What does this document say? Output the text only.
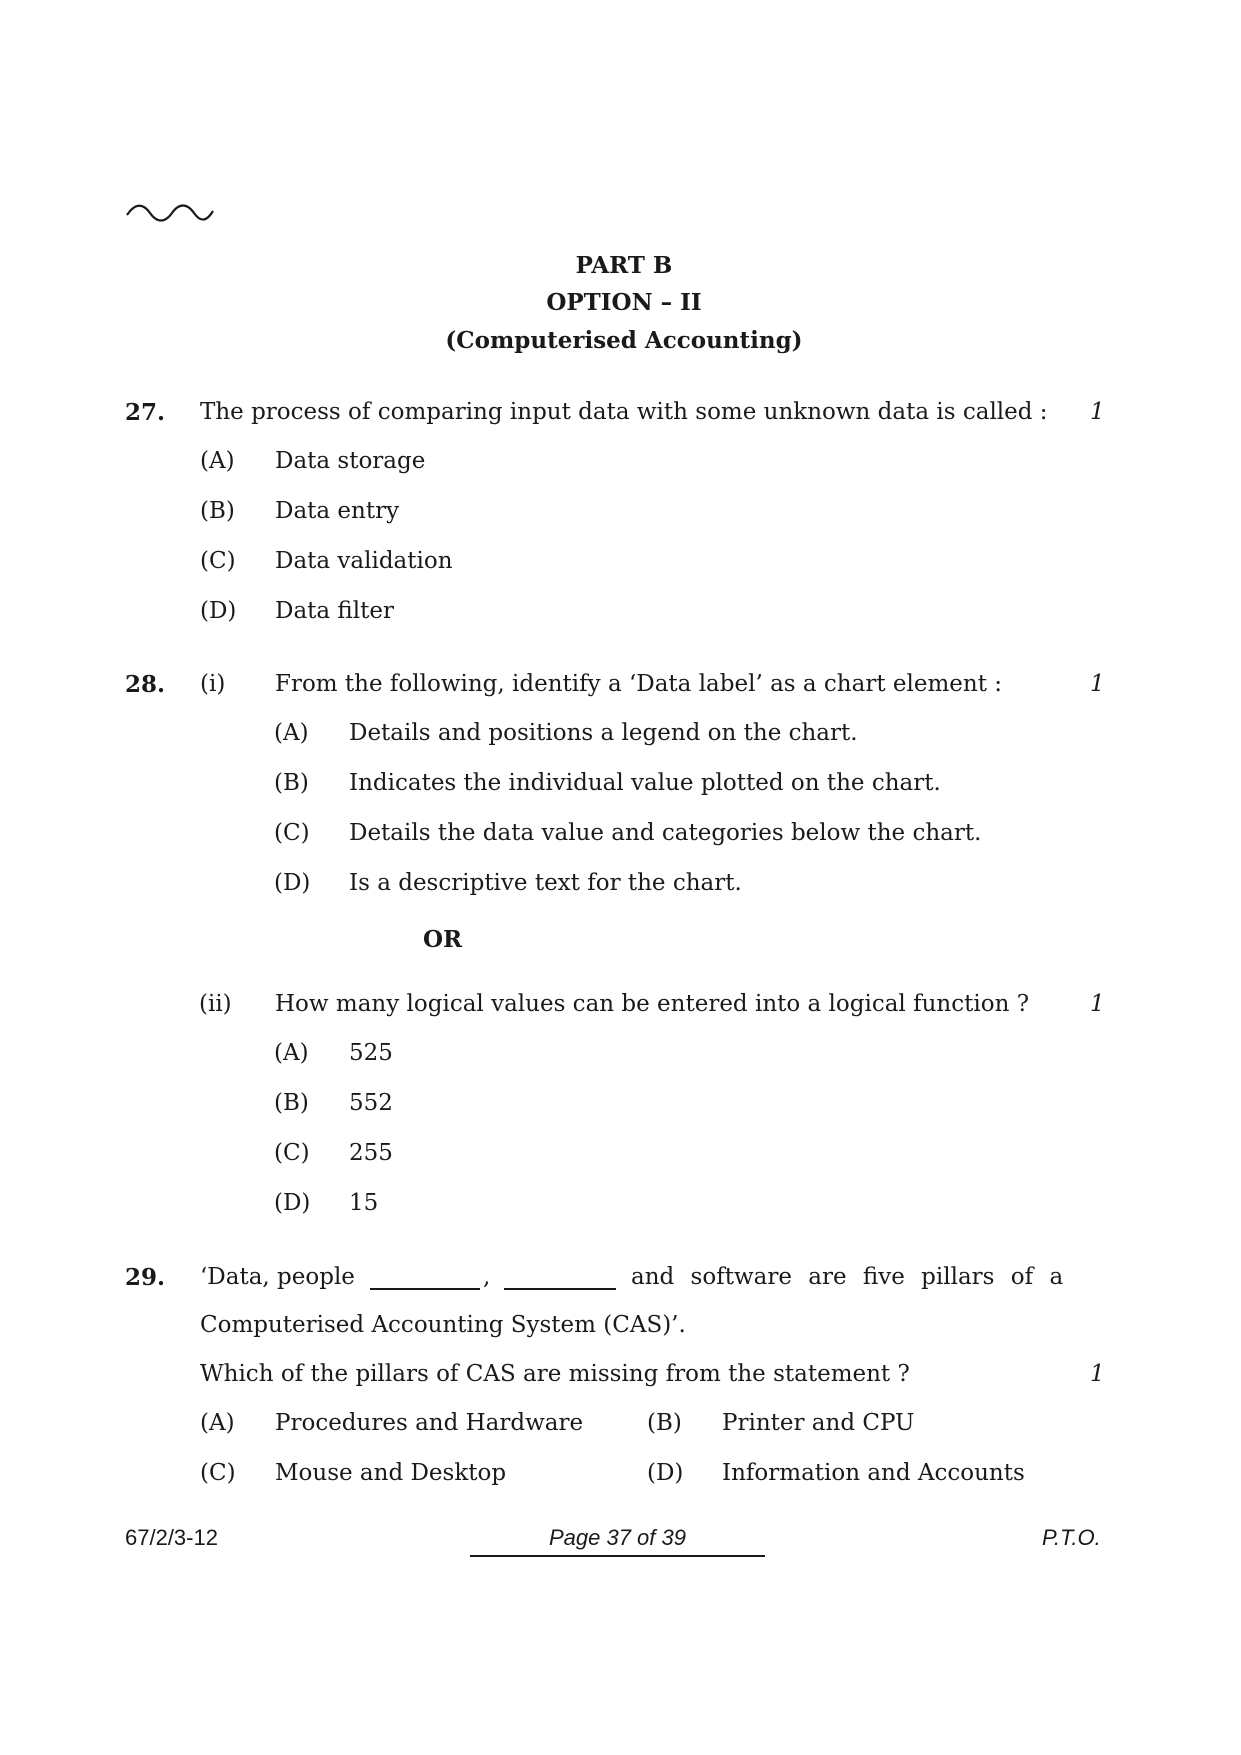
PART B
OPTION – II
(Computerised Accounting)
27. The process of comparing input data with some unknown data is called : 1
(A) Data storage
(B) Data entry
(C) Data validation
(D) Data filter
28. (i) From the following, identify a ‘Data label’ as a chart element :	1
(A) Details and positions a legend on the chart.
(B) Indicates the individual value plotted on the chart.
(C) Details the data value and categories below the chart.
(D) Is a descriptive text for the chart.
OR
(ii) How many logical values can be entered into a logical function ?	1
(A) 525
(B) 552
(C) 255
(D) 15
29. ‘Data, people	,	and software are five pillars of a
Computerised Accounting System (CAS)’.
Which of the pillars of CAS are missing from the statement ?	1
(A) Procedures and Hardware	(B) Printer and CPU
(C) Mouse and Desktop	(D) Information and Accounts
67/2/3-12	Page 37 of 39	P.T.O.
